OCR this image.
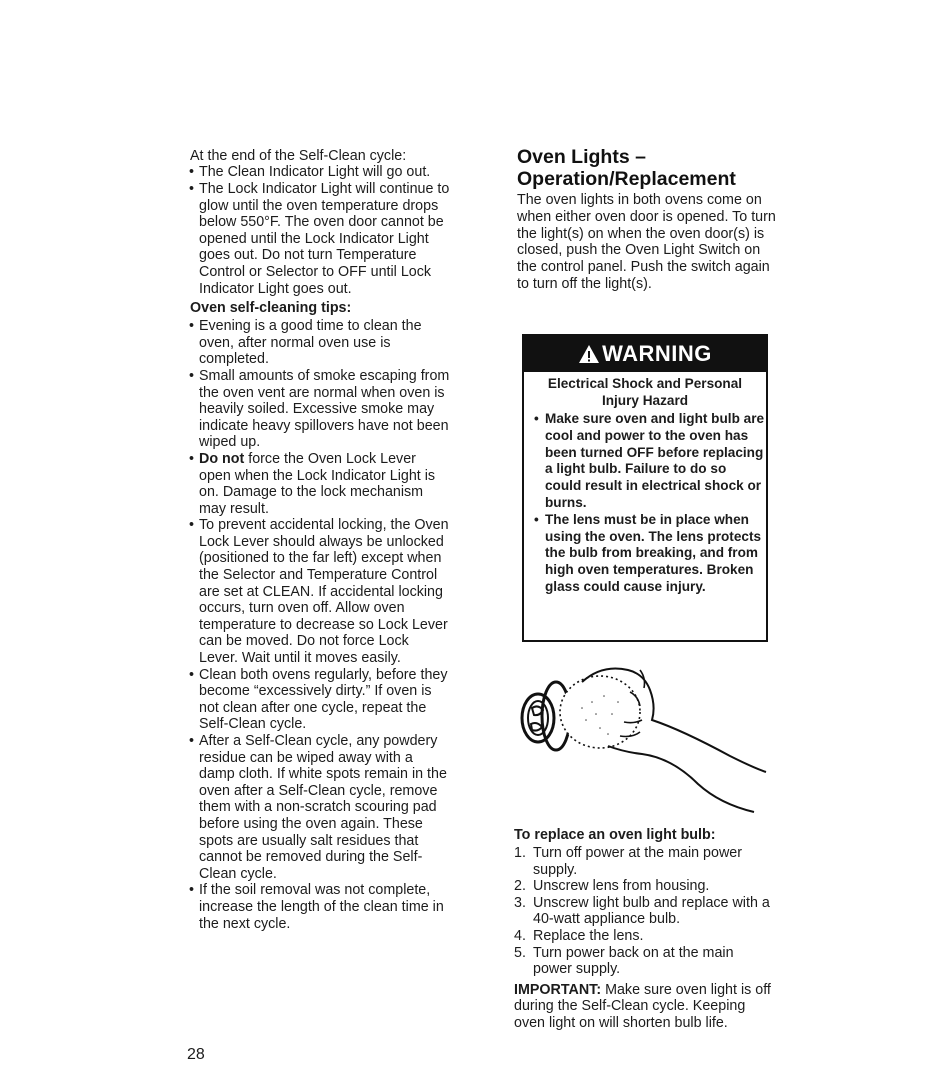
At the end of the Self-Clean cycle:

• The Clean Indicator Light will go out.
• The Lock Indicator Light will continue to glow until the oven temperature drops below 550°F. The oven door cannot be opened until the Lock Indicator Light goes out. Do not turn Temperature Control or Selector to OFF until Lock Indicator Light goes out.
Oven self-cleaning tips:
• Evening is a good time to clean the oven, after normal oven use is completed.
• Small amounts of smoke escaping from the oven vent are normal when oven is heavily soiled. Excessive smoke may indicate heavy spillovers have not been wiped up.
• Do not force the Oven Lock Lever open when the Lock Indicator Light is on. Damage to the lock mechanism may result.
• To prevent accidental locking, the Oven Lock Lever should always be unlocked (positioned to the far left) except when the Selector and Temperature Control are set at CLEAN. If accidental locking occurs, turn oven off. Allow oven temperature to decrease so Lock Lever can be moved. Do not force Lock Lever. Wait until it moves easily.
• Clean both ovens regularly, before they become “excessively dirty.” If oven is not clean after one cycle, repeat the Self-Clean cycle.
• After a Self-Clean cycle, any powdery residue can be wiped away with a damp cloth. If white spots remain in the oven after a Self-Clean cycle, remove them with a non-scratch scouring pad before using the oven again. These spots are usually salt residues that cannot be removed during the Self-Clean cycle.
• If the soil removal was not complete, increase the length of the clean time in the next cycle.
28
Oven Lights –
Operation/Replacement

The oven lights in both ovens come on when either oven door is opened. To turn the light(s) on when the oven door(s) is closed, push the Oven Light Switch on the control panel. Push the switch again to turn off the light(s).

WARNING
Electrical Shock and Personal Injury Hazard
• Make sure oven and light bulb are cool and power to the oven has been turned OFF before replacing a light bulb. Failure to do so could result in electrical shock or burns.
• The lens must be in place when using the oven. The lens protects the bulb from breaking, and from high oven temperatures. Broken glass could cause injury.
To replace an oven light bulb:
1. Turn off power at the main power supply.
2. Unscrew lens from housing.
3. Unscrew light bulb and replace with a 40-watt appliance bulb.
4. Replace the lens.
5. Turn power back on at the main power supply.

IMPORTANT: Make sure oven light is off during the Self-Clean cycle. Keeping oven light on will shorten bulb life.
